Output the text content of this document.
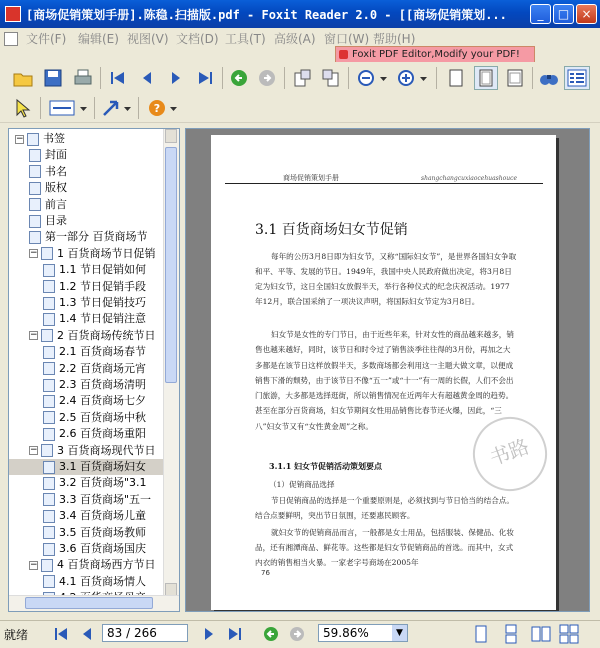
[商场促销策划手册].陈稳.扫描版.pdf - Foxit Reader 2.0 - [[商场促销策划...	_	□	×
文件(F) 编辑(E) 视图(V) 文档(D) 工具(T) 高级(A) 窗口(W) 帮助(H)
Foxit PDF Editor,Modify your PDF!
?
− 书签
封面
书名
版权
前言
目录
第一部分 百货商场节
− 1 百货商场节日促销
1.1 节日促销如何
1.2 节日促销手段
1.3 节日促销技巧
1.4 节日促销注意
− 2 百货商场传统节日
2.1 百货商场春节
2.2 百货商场元宵
2.3 百货商场清明
2.4 百货商场七夕
2.5 百货商场中秋
2.6 百货商场重阳
− 3 百货商场现代节日
3.1 百货商场妇女
3.2 百货商场"3.1
3.3 百货商场"五一
3.4 百货商场儿童
3.5 百货商场教师
3.6 百货商场国庆
− 4 百货商场西方节日
4.1 百货商场情人
商场促销策划手册	shangchangcuxiaocehuashouce
3.1 百货商场妇女节促销
每年的公历3月8日即为妇女节，又称“国际妇女节”，是世界各国妇女争取和平、平等、发展的节日。1949年，我国中央人民政府做出决定，将3月8日定为妇女节，这日全国妇女放假半天，举行各种仪式的纪念庆祝活动。1977年12月，联合国采纳了一项决议声明，将国际妇女节定为3月8日。
妇女节是女性的专门节日，由于近些年来，针对女性的商品越来越多，销售也越来越好，同时，该节日和时令过了销售淡季往往得的3月份，再加之大多都是在该节日这样放假半天，多数商场都会利用这一主题大做文章，以便成销售下滑的颓势，由于该节日不像“五一”或“十一”有一周的长假，人们不会出门旅游，大多都是选择逛街，所以销售情况在近两年大有超越黄金周的趋势。甚至在部分百货商场，妇女节期间女性用品销售比春节还火爆，因此，“三八”妇女节又有“女性黄金周”之称。
3.1.1 妇女节促销活动策划要点
（1）促销商品选择
节日促销商品的选择是一个重要原则是，必须找到与节日恰当的结合点。结合点要鲜明，突出节日氛围，还要惠民顾客。
就妇女节的促销商品而言，一般都是女士用品，包括服装、保健品、化妆品，还有湘潭商品、鲜花等。这些都是妇女节促销商品的首选。而其中，女式内衣的销售相当火暴。一家老字号商场在2005年
76
书路
就绪	83 / 266	59.86%	▼
